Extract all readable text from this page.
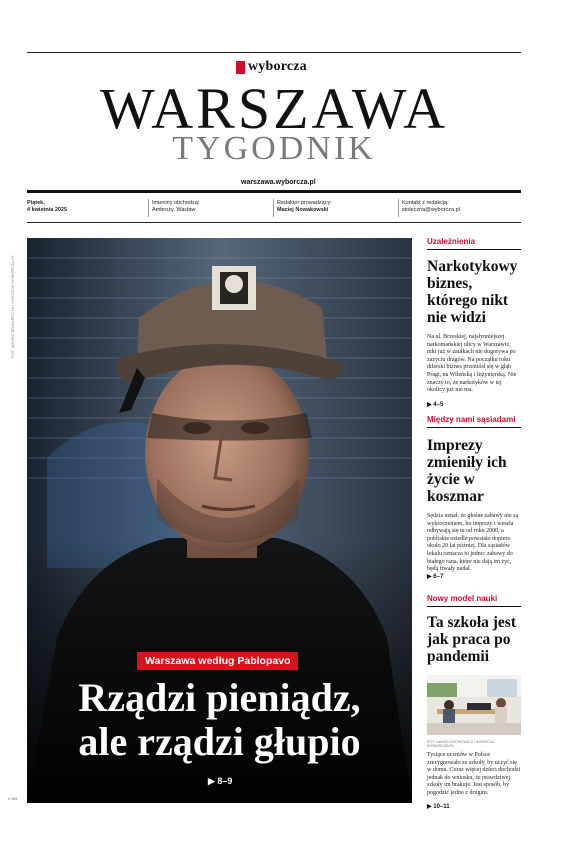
wyborcza
WARSZAWA
TYGODNIK
warszawa.wyborcza.pl
Piątek,
4 kwietnia 2025
Imieniny obchodzą:
Ambroży, Wacław
Redaktor prowadzący:
Maciej Nowakowski
Kontakt z redakcją:
stolecz​na@wyborcza.pl
FOT. MAŃKO BOWARCZYK / AGENCJA WYBORCZA.PL
2 W8
Warszawa według Pablopavo
Rządzi pieniądz,
ale rządzi głupio
▶ 8–9
Uzależnienia
Narkotykowy biznes, którego nikt nie widzi
Na ul. Brzeskiej, najsłynniejszej narkomańskiej ulicy w Warszawie, nikt już w zaułkach nie dogorywa po zażyciu dragów. Na początku roku dilerski biznes przeniósł się w głąb Pragi, na Wileńską i Inżynierską. Nie znaczy to, że narkotyków w tej okolicy już nie ma.
▶ 4–5
Między nami sąsiadami
Imprezy zmieniły ich życie w koszmar
Sędzia uznał, że głośne zabawy nie są wykroczeniem, bo imprezy i wesela odbywają się tu od roku 2000, a pobliskie osiedle powstało dopiero około 20 lat później. Dla sąsiadów lokalu oznacza to jedno: zabawy do białego rana, które nie dają im żyć, będą trwały nadal.
▶ 6–7
Nowy model nauki
Ta szkoła jest jak praca po pandemii
FOT. DAWID ŻUCHOWICZ / AGENCJA WYBORCZA.PL
Tysiące uczniów w Polsce zrezygnowało ze szkoły, by uczyć się w domu. Coraz więcej dzieci dochodzi jednak do wniosku, że prawdziwej szkoły im brakuje. Jest sposób, by pogodzić jedno z drugim.
▶ 10–11
